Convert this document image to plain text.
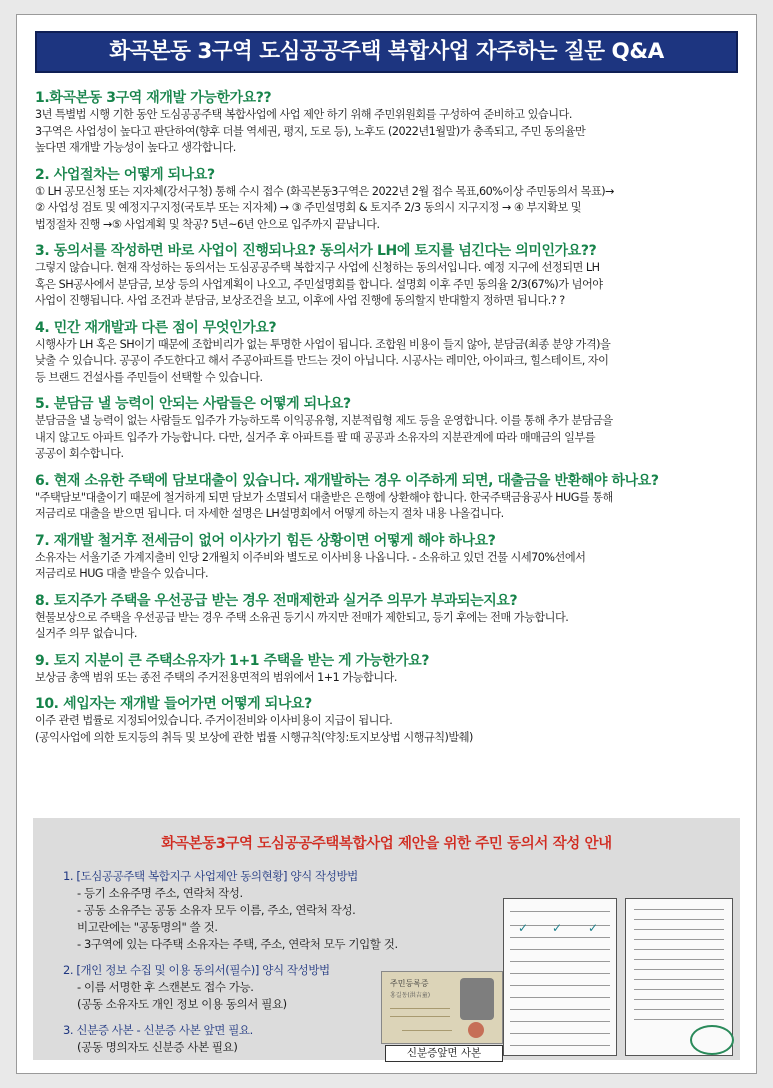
화곡본동 3구역 도심공공주택 복합사업 자주하는 질문 Q&A
1.화곡본동 3구역 재개발 가능한가요??
3년 특별법 시행 기한 동안 도심공공주택 복합사업에 사업 제안 하기 위해 주민위원회를 구성하여 준비하고 있습니다.
3구역은 사업성이 높다고 판단하여(향후 더블 역세권, 평지, 도로 등), 노후도 (2022년1월말)가 충족되고, 주민 동의율만
높다면 재개발 가능성이 높다고 생각합니다.
2. 사업절차는 어떻게 되나요?
① LH 공모신청 또는 지자체(강서구청) 통해 수시 접수 (화곡본동3구역은 2022년 2월 접수 목표,60%이상 주민동의서 목표)→
② 사업성 검토 및 예정지구지정(국토부 또는 지자체) → ③ 주민설명회 & 토지주 2/3 동의시 지구지정 → ④ 부지확보 및
법정절차 진행 →⑤ 사업계획 및 착공? 5년~6년 안으로 입주까지 끝납니다.
3. 동의서를 작성하면 바로 사업이 진행되나요? 동의서가 LH에 토지를 넘긴다는 의미인가요??
그렇지 않습니다. 현재 작성하는 동의서는 도심공공주택 복합지구 사업에 신청하는 동의서입니다. 예정 지구에 선정되면 LH
혹은 SH공사에서 분담금, 보상 등의 사업계획이 나오고, 주민설명회를 합니다. 설명회 이후 주민 동의율 2/3(67%)가 넘어야
사업이 진행됩니다. 사업 조건과 분담금, 보상조건을 보고, 이후에 사업 진행에 동의할지 반대할지 정하면 됩니다.? ?
4. 민간 재개발과 다른 점이 무엇인가요?
시행사가 LH 혹은 SH이기 때문에 조합비리가 없는 투명한 사업이 됩니다. 조합원 비용이 들지 않아, 분담금(최종 분양 가격)을
낮출 수 있습니다. 공공이 주도한다고 해서 주공아파트를 만드는 것이 아닙니다. 시공사는 레미안, 아이파크, 힐스테이트, 자이
등 브랜드 건설사를 주민들이 선택할 수 있습니다.
5. 분담금 낼 능력이 안되는 사람들은 어떻게 되나요?
분담금을 낼 능력이 없는 사람들도 입주가 가능하도록 이익공유형, 지분적립형 제도 등을 운영합니다. 이를 통해 추가 분담금을
내지 않고도 아파트 입주가 가능합니다. 다만, 실거주 후 아파트를 팔 때 공공과 소유자의 지분관계에 따라 매매금의 일부를
공공이 회수합니다.
6. 현재 소유한 주택에 담보대출이 있습니다. 재개발하는 경우 이주하게 되면, 대출금을 반환해야 하나요?
"주택담보"대출이기 때문에 철거하게 되면 담보가 소멸되서 대출받은 은행에 상환해야 합니다. 한국주택금융공사 HUG를 통해
저금리로 대출을 받으면 됩니다. 더 자세한 설명은 LH설명회에서 어떻게 하는지 절차 내용 나올겁니다.
7. 재개발 철거후 전세금이 없어 이사가기 힘든 상황이면 어떻게 해야 하나요?
소유자는 서울기준 가계지출비 인당 2개월치 이주비와 별도로 이사비용 나옵니다. - 소유하고 있던 건물 시세70%선에서
저금리로 HUG 대출 받을수 있습니다.
8. 토지주가 주택을 우선공급 받는 경우 전매제한과 실거주 의무가 부과되는지요?
현물보상으로 주택을 우선공급 받는 경우 주택 소유권 등기시 까지만 전매가 제한되고, 등기 후에는 전매 가능합니다.
실거주 의무 없습니다.
9. 토지 지분이 큰 주택소유자가 1+1 주택을 받는 게 가능한가요?
보상금 총액 범위 또는 종전 주택의 주거전용면적의 범위에서 1+1 가능합니다.
10. 세입자는 재개발 들어가면 어떻게 되나요?
이주 관련 법률로 지정되어있습니다. 주거이전비와 이사비용이 지급이 됩니다.
(공익사업에 의한 토지등의 취득 및 보상에 관한 법률 시행규칙(약칭:토지보상법 시행규칙)발췌)
화곡본동3구역 도심공공주택복합사업 제안을 위한 주민 동의서 작성 안내
1. [도심공공주택 복합지구 사업제안 동의현황] 양식 작성방법
- 등기 소유주명 주소, 연락처 작성.
- 공동 소유주는 공동 소유자 모두 이름, 주소, 연락처 작성.
비고란에는 "공동명의" 쓸 것.
- 3구역에 있는 다주택 소유자는 주택, 주소, 연락처 모두 기입할 것.
2. [개인 정보 수집 및 이용 동의서(필수)] 양식 작성방법
- 이름 서명한 후 스캔본도 접수 가능.
(공동 소유자도 개인 정보 이용 동의서 필요)
3. 신분증 사본 - 신분증 사본 앞면 필요.
(공동 명의자도 신분증 사본 필요)
✓ ✓ ✓
주민등록증
홍길동(洪吉童)
신분증앞면 사본
